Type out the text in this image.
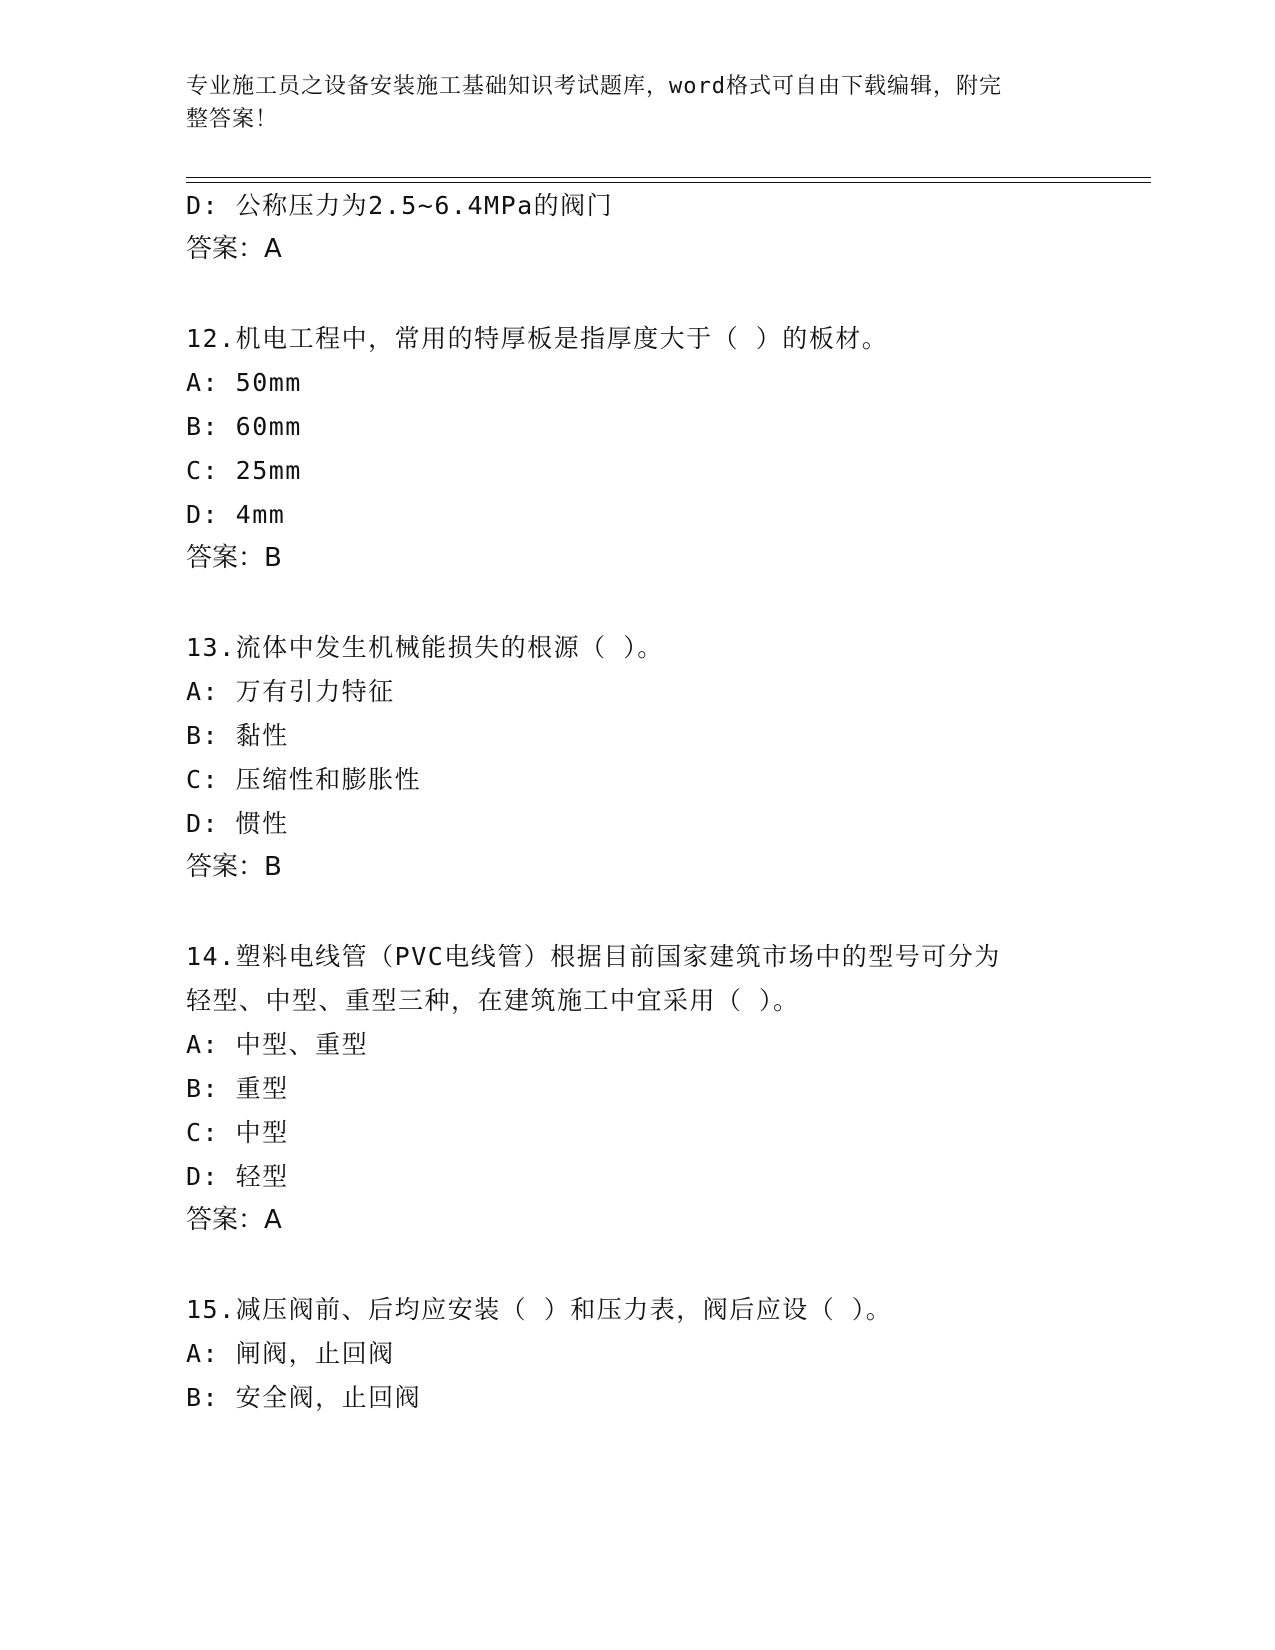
专业施工员之设备安装施工基础知识考试题库，word格式可自由下载编辑，附完
整答案！
D: 公称压力为2.5~6.4MPa的阀门
答案：A
12.机电工程中，常用的特厚板是指厚度大于（ ）的板材。
A: 50mm
B: 60mm
C: 25mm
D: 4mm
答案：B
13.流体中发生机械能损失的根源（ ）。
A: 万有引力特征
B: 黏性
C: 压缩性和膨胀性
D: 惯性
答案：B
14.塑料电线管（PVC电线管）根据目前国家建筑市场中的型号可分为
轻型、中型、重型三种，在建筑施工中宜采用（ ）。
A: 中型、重型
B: 重型
C: 中型
D: 轻型
答案：A
15.减压阀前、后均应安装（ ）和压力表，阀后应设（ ）。
A: 闸阀，止回阀
B: 安全阀，止回阀
